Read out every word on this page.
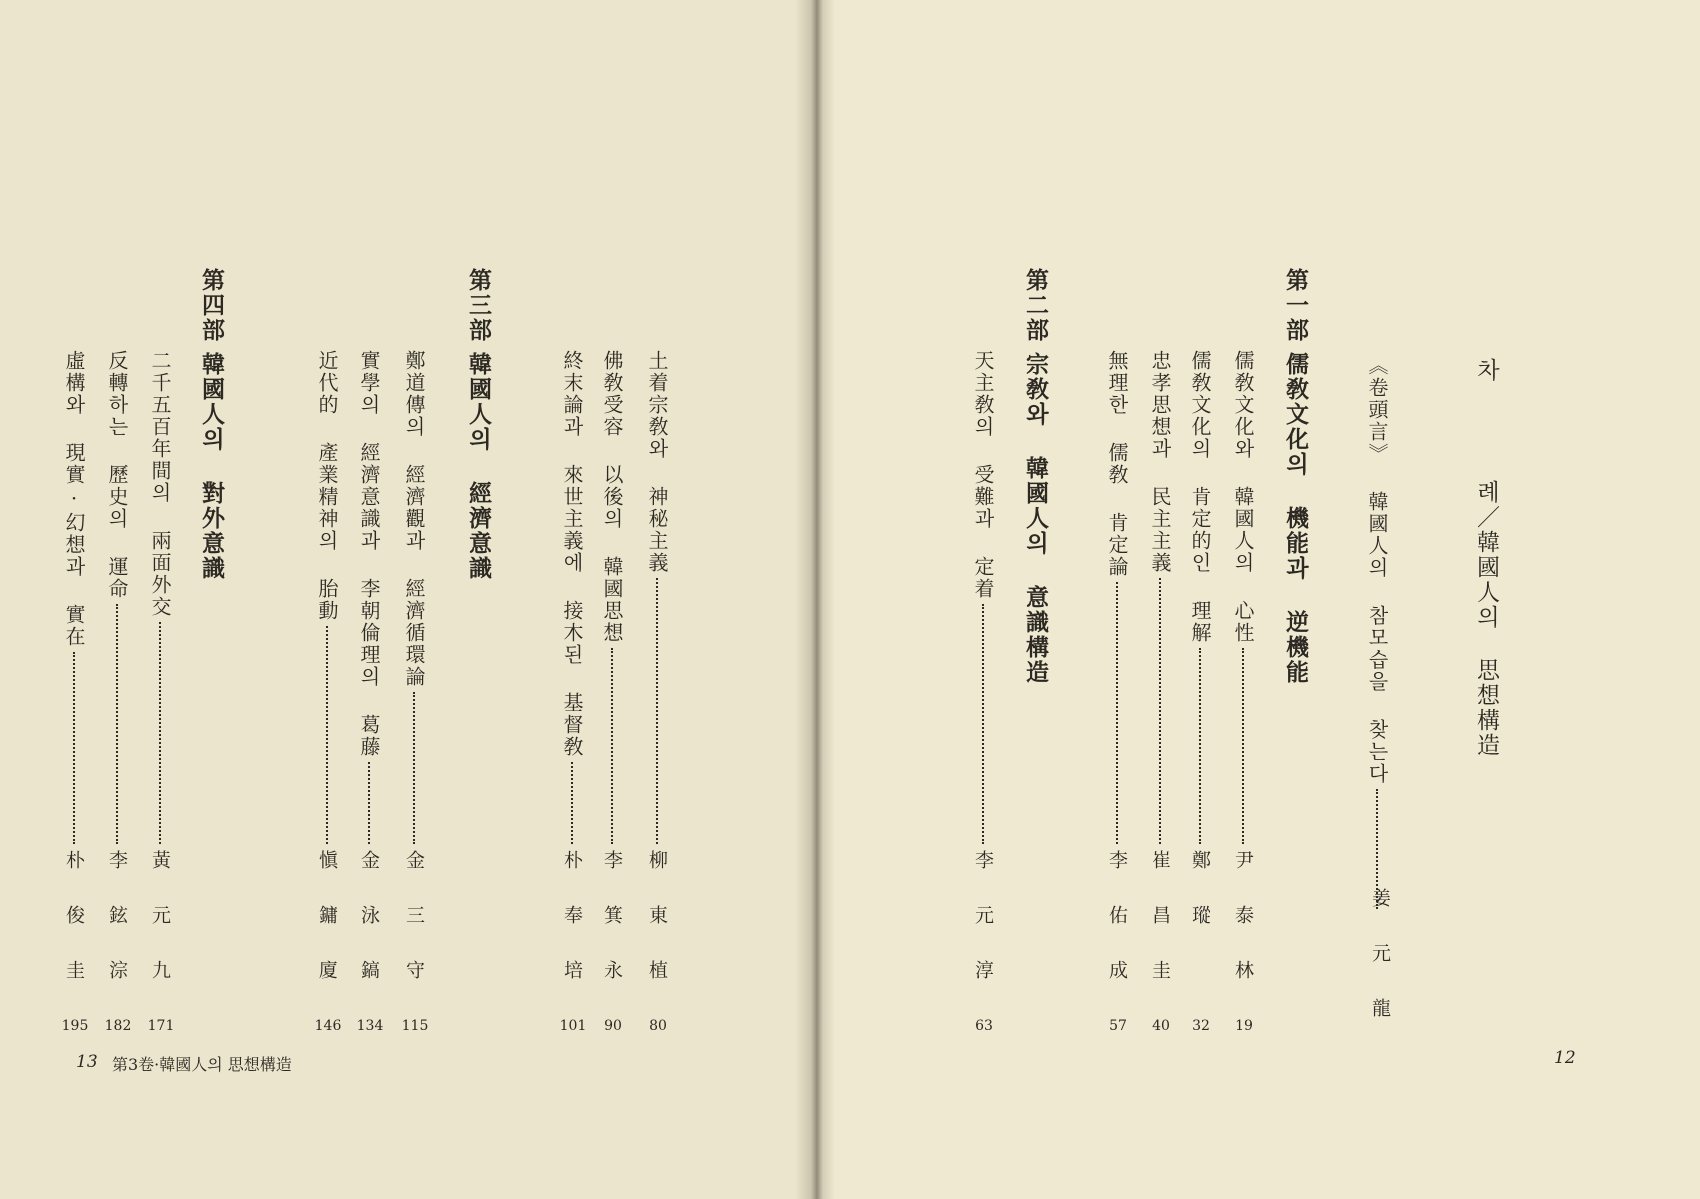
차
례／韓國人의 思想構造
《卷頭言》 韓國人의 참모습을 찾는다
姜元龍
第一部
儒敎文化의 機能과 逆機能
儒敎文化와 韓國人의 心性
儒敎文化의 肯定的인 理解
忠孝思想과 民主主義
無理한 儒敎 肯定論
第二部
宗敎와 韓國人의 意識構造
天主敎의 受難과 定着
12
土着宗敎와 神秘主義
佛敎受容 以後의 韓國思想
終末論과 來世主義에 接木된 基督敎
第三部
韓國人의 經濟意識
鄭道傳의 經濟觀과 經濟循環論
實學의 經濟意識과 李朝倫理의 葛藤
近代的 產業精神의 胎動
第四部
韓國人의 對外意識
二千五百年間의 兩面外交
反轉하는 歷史의 運命
虛構와 現實·幻想과 實在
13 第3卷·韓國人의 思想構造
尹泰林
19
鄭瑽
32
崔昌圭
40
李佑成
57
李元淳
63
柳東植
80
李箕永
90
朴奉培
101
金三守
115
金泳鎬
134
愼鏞廈
146
黃元九
171
李鉉淙
182
朴俊圭
195
